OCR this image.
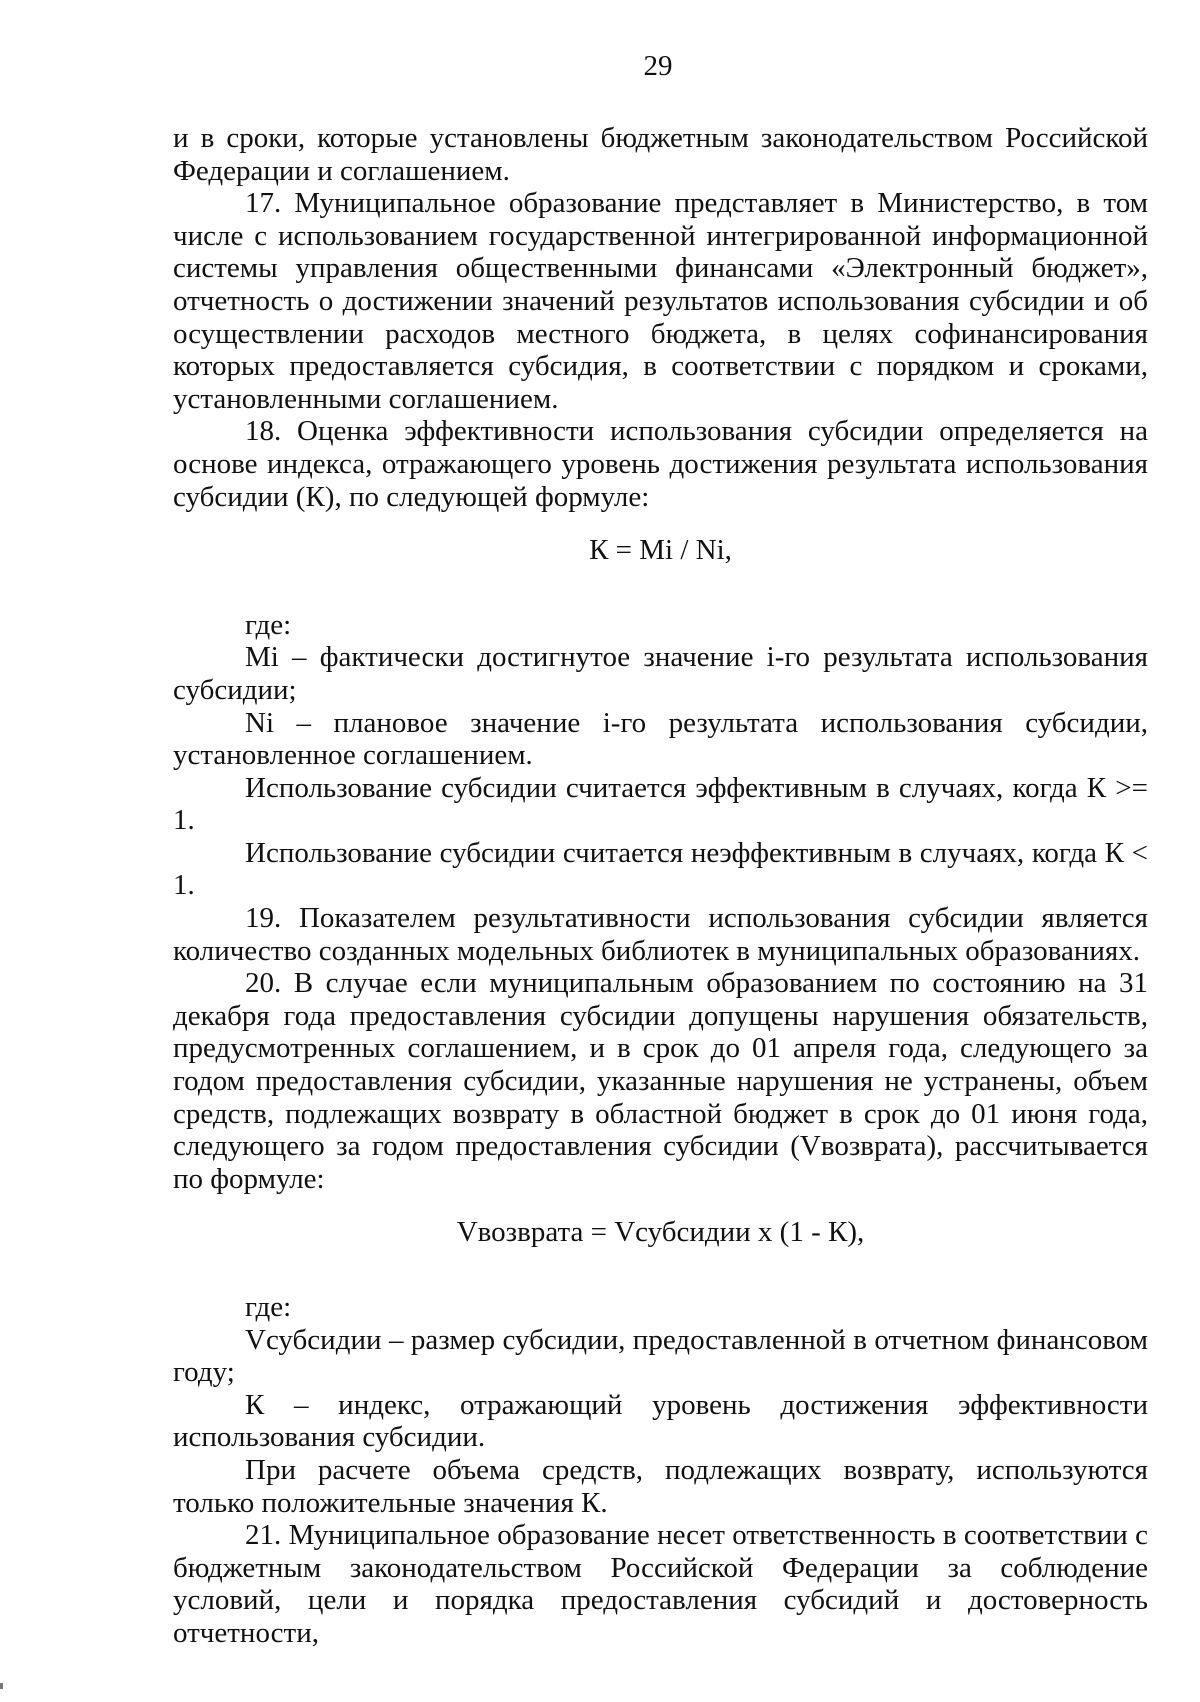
29

и в сроки, которые установлены бюджетным законодательством Российской Федерации и соглашением.

17. Муниципальное образование представляет в Министерство, в том числе с использованием государственной интегрированной информационной системы управления общественными финансами «Электронный бюджет», отчетность о достижении значений результатов использования субсидии и об осуществлении расходов местного бюджета, в целях софинансирования которых предоставляется субсидия, в соответствии с порядком и сроками, установленными соглашением.

18. Оценка эффективности использования субсидии определяется на основе индекса, отражающего уровень достижения результата использования субсидии (К), по следующей формуле:

К = Mi / Ni,

где:

Mi – фактически достигнутое значение i-го результата использования субсидии;

Ni – плановое значение i-го результата использования субсидии, установленное соглашением.

Использование субсидии считается эффективным в случаях, когда К >= 1.

Использование субсидии считается неэффективным в случаях, когда К < 1.

19. Показателем результативности использования субсидии является количество созданных модельных библиотек в муниципальных образованиях.

20. В случае если муниципальным образованием по состоянию на 31 декабря года предоставления субсидии допущены нарушения обязательств, предусмотренных соглашением, и в срок до 01 апреля года, следующего за годом предоставления субсидии, указанные нарушения не устранены, объем средств, подлежащих возврату в областной бюджет в срок до 01 июня года, следующего за годом предоставления субсидии (Vвозврата), рассчитывается по формуле:

Vвозврата = Vсубсидии х (1 - К),

где:

Vсубсидии – размер субсидии, предоставленной в отчетном финансовом году;

К – индекс, отражающий уровень достижения эффективности использования субсидии.

При расчете объема средств, подлежащих возврату, используются только положительные значения К.

21. Муниципальное образование несет ответственность в соответствии с бюджетным законодательством Российской Федерации за соблюдение условий, цели и порядка предоставления субсидий и достоверность отчетности,
